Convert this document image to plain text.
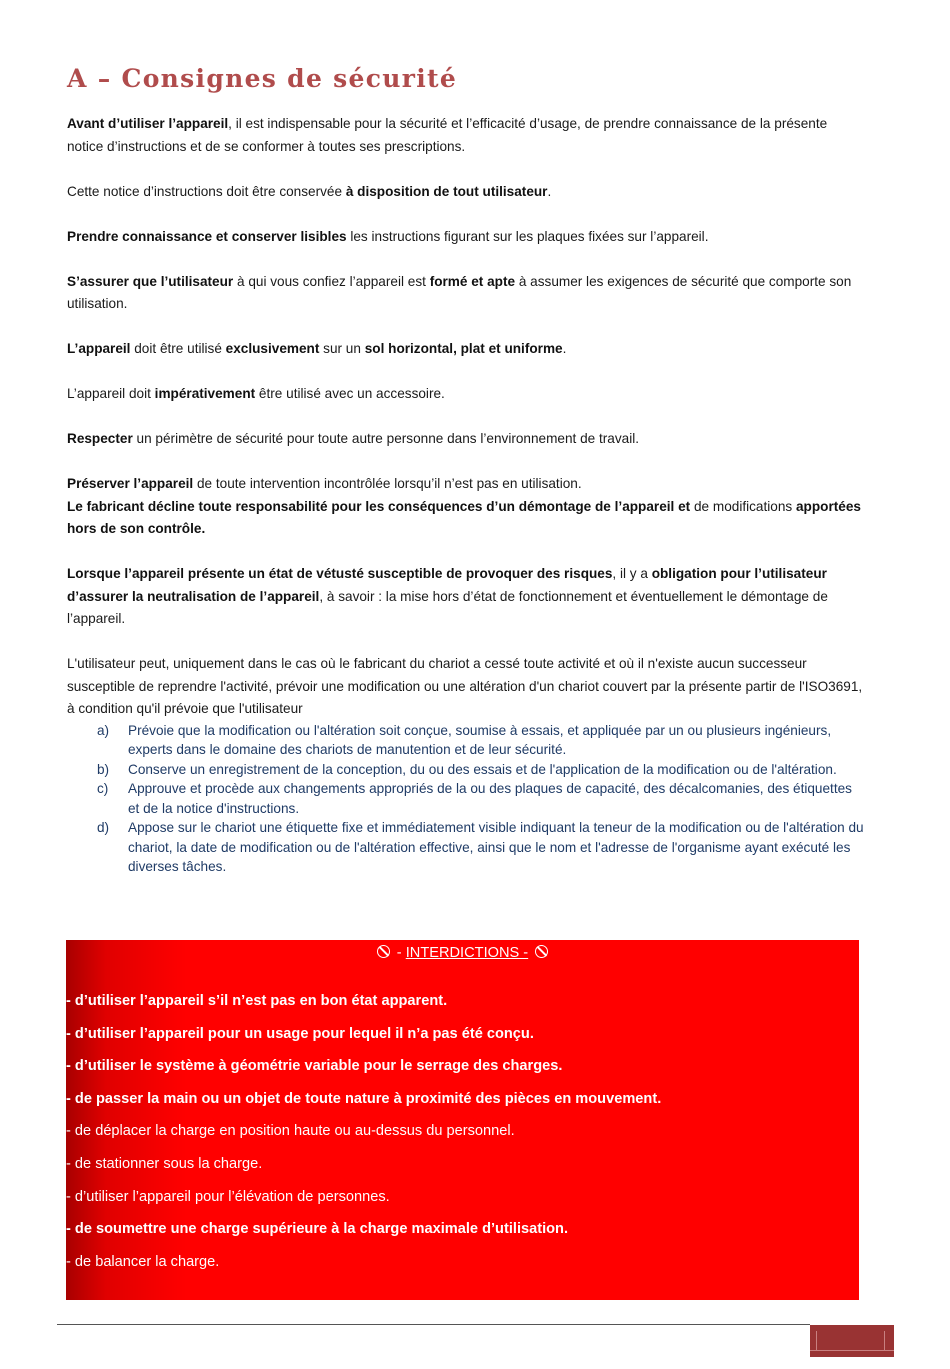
A – Consignes de sécurité

Avant d’utiliser l’appareil, il est indispensable pour la sécurité et l’efficacité d’usage, de prendre connaissance de la présente notice d’instructions et de se conformer à toutes ses prescriptions.

Cette notice d’instructions doit être conservée à disposition de tout utilisateur.

Prendre connaissance et conserver lisibles les instructions figurant sur les plaques fixées sur l’appareil.

S’assurer que l’utilisateur à qui vous confiez l’appareil est formé et apte à assumer les exigences de sécurité que comporte son utilisation.

L’appareil doit être utilisé exclusivement sur un sol horizontal, plat et uniforme.

L’appareil doit impérativement être utilisé avec un accessoire.

Respecter un périmètre de sécurité pour toute autre personne dans l’environnement de travail.

Préserver l’appareil de toute intervention incontrôlée lorsqu’il n’est pas en utilisation.

Le fabricant décline toute responsabilité pour les conséquences d’un démontage de l’appareil et de modifications apportées hors de son contrôle.

Lorsque l’appareil présente un état de vétusté susceptible de provoquer des risques, il y a obligation pour l’utilisateur d’assurer la neutralisation de l’appareil, à savoir : la mise hors d’état de fonctionnement et éventuellement le démontage de l’appareil.

L'utilisateur peut, uniquement dans le cas où le fabricant du chariot a cessé toute activité et où il n'existe aucun successeur susceptible de reprendre l'activité, prévoir une modification ou une altération d'un chariot couvert par la présente partir de l'ISO3691, à condition qu'il prévoie que l'utilisateur

a)	Prévoie que la modification ou l'altération soit conçue, soumise à essais, et appliquée par un ou plusieurs ingénieurs, experts dans le domaine des chariots de manutention et de leur sécurité.
b)	Conserve un enregistrement de la conception, du ou des essais et de l'application de la modification ou de l'altération.
c)	Approuve et procède aux changements appropriés de la ou des plaques de capacité, des décalcomanies, des étiquettes et de la notice d'instructions.
d)	Appose sur le chariot une étiquette fixe et immédiatement visible indiquant la teneur de la modification ou de l'altération du chariot, la date de modification ou de l'altération effective, ainsi que le nom et l'adresse de l'organisme ayant exécuté les diverses tâches.
- INTERDICTIONS -
- d’utiliser l’appareil s’il n’est pas en bon état apparent.
- d’utiliser l’appareil pour un usage pour lequel il n’a pas été conçu.
- d’utiliser le système à géométrie variable pour le serrage des charges.
- de passer la main ou un objet de toute nature à proximité des pièces en mouvement.
- de déplacer la charge en position haute ou au-dessus du personnel.
- de stationner sous la charge.
- d’utiliser l’appareil pour l’élévation de personnes.
- de soumettre une charge supérieure à la charge maximale d’utilisation.
- de balancer la charge.
